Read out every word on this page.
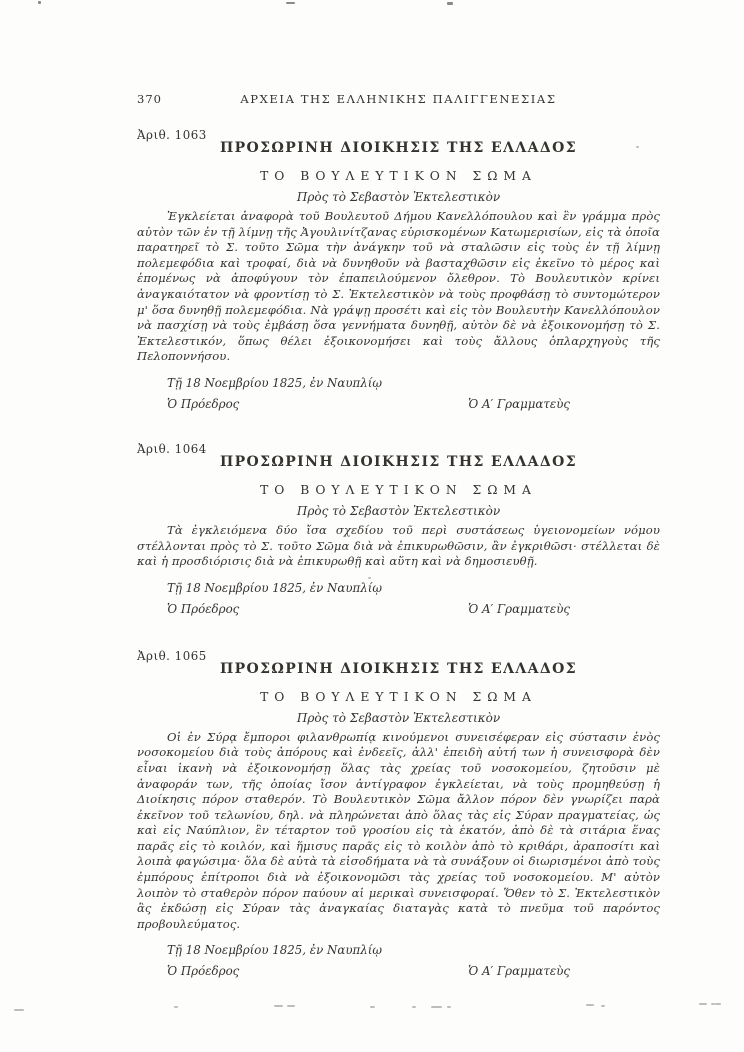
370	ΑΡΧΕΙΑ ΤΗΣ ΕΛΛΗΝΙΚΗΣ ΠΑΛΙΓΓΕΝΕΣΙΑΣ
Ἀριθ. 1063
ΠΡΟΣΩΡΙΝΗ ΔΙΟΙΚΗΣΙΣ ΤΗΣ ΕΛΛΑΔΟΣ
ΤΟ ΒΟΥΛΕΥΤΙΚΟΝ ΣΩΜΑ
Πρὸς τὸ Σεβαστὸν Ἐκτελεστικὸν
Ἐγκλείεται ἀναφορὰ τοῦ Βουλευτοῦ Δήμου Κανελλόπουλου καὶ ἓν γράμμα πρὸς αὐτὸν τῶν ἐν τῇ λίμνῃ τῆς Ἀγουλινίτζανας εὑρισκομένων Κατωμερισίων, εἰς τὰ ὁποῖα παρατηρεῖ τὸ Σ. τοῦτο Σῶμα τὴν ἀνάγκην τοῦ νὰ σταλῶσιν εἰς τοὺς ἐν τῇ λίμνῃ πολεμεφόδια καὶ τροφαί, διὰ νὰ δυνηθοῦν νὰ βασταχθῶσιν εἰς ἐκεῖνο τὸ μέρος καὶ ἑπομένως νὰ ἀποφύγουν τὸν ἐπαπειλούμενον ὄλεθρον. Τὸ Βουλευτικὸν κρίνει ἀναγκαιότατον νὰ φροντίσῃ τὸ Σ. Ἐκτελεστικὸν νὰ τοὺς προφθάσῃ τὸ συντομώτερον μ' ὅσα δυνηθῇ πολεμεφόδια. Νὰ γράψῃ προσέτι καὶ εἰς τὸν Βουλευτὴν Κανελλόπουλον νὰ πασχίσῃ νὰ τοὺς ἐμβάσῃ ὅσα γεννήματα δυνηθῇ, αὐτὸν δὲ νὰ ἐξοικονομήσῃ τὸ Σ. Ἐκτελεστικόν, ὅπως θέλει ἐξοικονομήσει καὶ τοὺς ἄλλους ὁπλαρχηγοὺς τῆς Πελοποννήσου.
Τῇ 18 Νοεμβρίου 1825, ἐν Ναυπλίῳ
Ὁ Πρόεδρος	Ὁ Α′ Γραμματεὺς
Ἀριθ. 1064
ΠΡΟΣΩΡΙΝΗ ΔΙΟΙΚΗΣΙΣ ΤΗΣ ΕΛΛΑΔΟΣ
ΤΟ ΒΟΥΛΕΥΤΙΚΟΝ ΣΩΜΑ
Πρὸς τὸ Σεβαστὸν Ἐκτελεστικὸν
Τὰ ἐγκλειόμενα δύο ἴσα σχεδίου τοῦ περὶ συστάσεως ὑγειονομείων νόμου στέλλονται πρὸς τὸ Σ. τοῦτο Σῶμα διὰ νὰ ἐπικυρωθῶσιν, ἂν ἐγκριθῶσι· στέλλεται δὲ καὶ ἡ προσδιόρισις διὰ νὰ ἐπικυρωθῇ καὶ αὕτη καὶ νὰ δημοσιευθῇ.
Τῇ 18 Νοεμβρίου 1825, ἐν Ναυπλίῳ
Ὁ Πρόεδρος	Ὁ Α′ Γραμματεὺς
Ἀριθ. 1065
ΠΡΟΣΩΡΙΝΗ ΔΙΟΙΚΗΣΙΣ ΤΗΣ ΕΛΛΑΔΟΣ
ΤΟ ΒΟΥΛΕΥΤΙΚΟΝ ΣΩΜΑ
Πρὸς τὸ Σεβαστὸν Ἐκτελεστικὸν
Οἱ ἐν Σύρᾳ ἔμποροι φιλανθρωπίᾳ κινούμενοι συνεισέφεραν εἰς σύστασιν ἑνὸς νοσοκομείου διὰ τοὺς ἀπόρους καὶ ἐνδεεῖς, ἀλλ' ἐπειδὴ αὐτή των ἡ συνεισφορὰ δὲν εἶναι ἱκανὴ νὰ ἐξοικονομήσῃ ὅλας τὰς χρείας τοῦ νοσοκομείου, ζητοῦσιν μὲ ἀναφοράν των, τῆς ὁποίας ἴσον ἀντίγραφον ἐγκλείεται, νὰ τοὺς προμηθεύσῃ ἡ Διοίκησις πόρον σταθερόν. Τὸ Βουλευτικὸν Σῶμα ἄλλον πόρον δὲν γνωρίζει παρὰ ἐκεῖνον τοῦ τελωνίου, δηλ. νὰ πληρώνεται ἀπὸ ὅλας τὰς εἰς Σύραν πραγματείας, ὡς καὶ εἰς Ναύπλιον, ἓν τέταρτον τοῦ γροσίου εἰς τὰ ἑκατόν, ἀπὸ δὲ τὰ σιτάρια ἕνας παρᾶς εἰς τὸ κοιλόν, καὶ ἥμισυς παρᾶς εἰς τὸ κοιλὸν ἀπὸ τὸ κριθάρι, ἀραποσίτι καὶ λοιπὰ φαγώσιμα· ὅλα δὲ αὐτὰ τὰ εἰσοδήματα νὰ τὰ συνάξουν οἱ διωρισμένοι ἀπὸ τοὺς ἐμπόρους ἐπίτροποι διὰ νὰ ἐξοικονομῶσι τὰς χρείας τοῦ νοσοκομείου. Μ' αὐτὸν λοιπὸν τὸ σταθερὸν πόρον παύουν αἱ μερικαὶ συνεισφοραί. Ὅθεν τὸ Σ. Ἐκτελεστικὸν ἂς ἐκδώσῃ εἰς Σύραν τὰς ἀναγκαίας διαταγὰς κατὰ τὸ πνεῦμα τοῦ παρόντος προβουλεύματος.
Τῇ 18 Νοεμβρίου 1825, ἐν Ναυπλίῳ
Ὁ Πρόεδρος	Ὁ Α′ Γραμματεὺς
